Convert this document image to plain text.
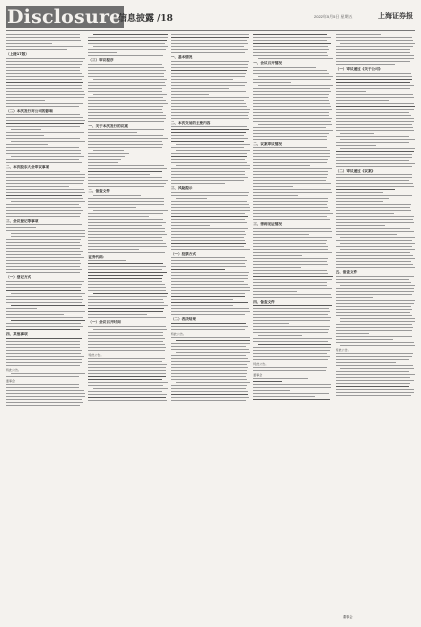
Disclosure
信息披露 /18	2022年5月5日 星期五	上海证券报
（上接17版）
（二）本次发行对公司的影响
二、本次股东大会审议事项
三、会议登记等事项
（一）登记方式
四、其他事项
特此公告。
董事会
（三）审议程序
一、关于本次发行的议案
二、备查文件
证券代码：
（一）会议召开时间
特此公告。
一、基本情况
二、本次交易的主要内容
三、风险提示
（一）投票方式
（二）表决结果
特此公告。
一、会议召开情况
二、议案审议情况
三、律师见证情况
四、备查文件
特此公告。
董事会
（一）审议通过《关于公司》
（二）审议通过《议案》
五、备查文件
特此公告。
董事会
